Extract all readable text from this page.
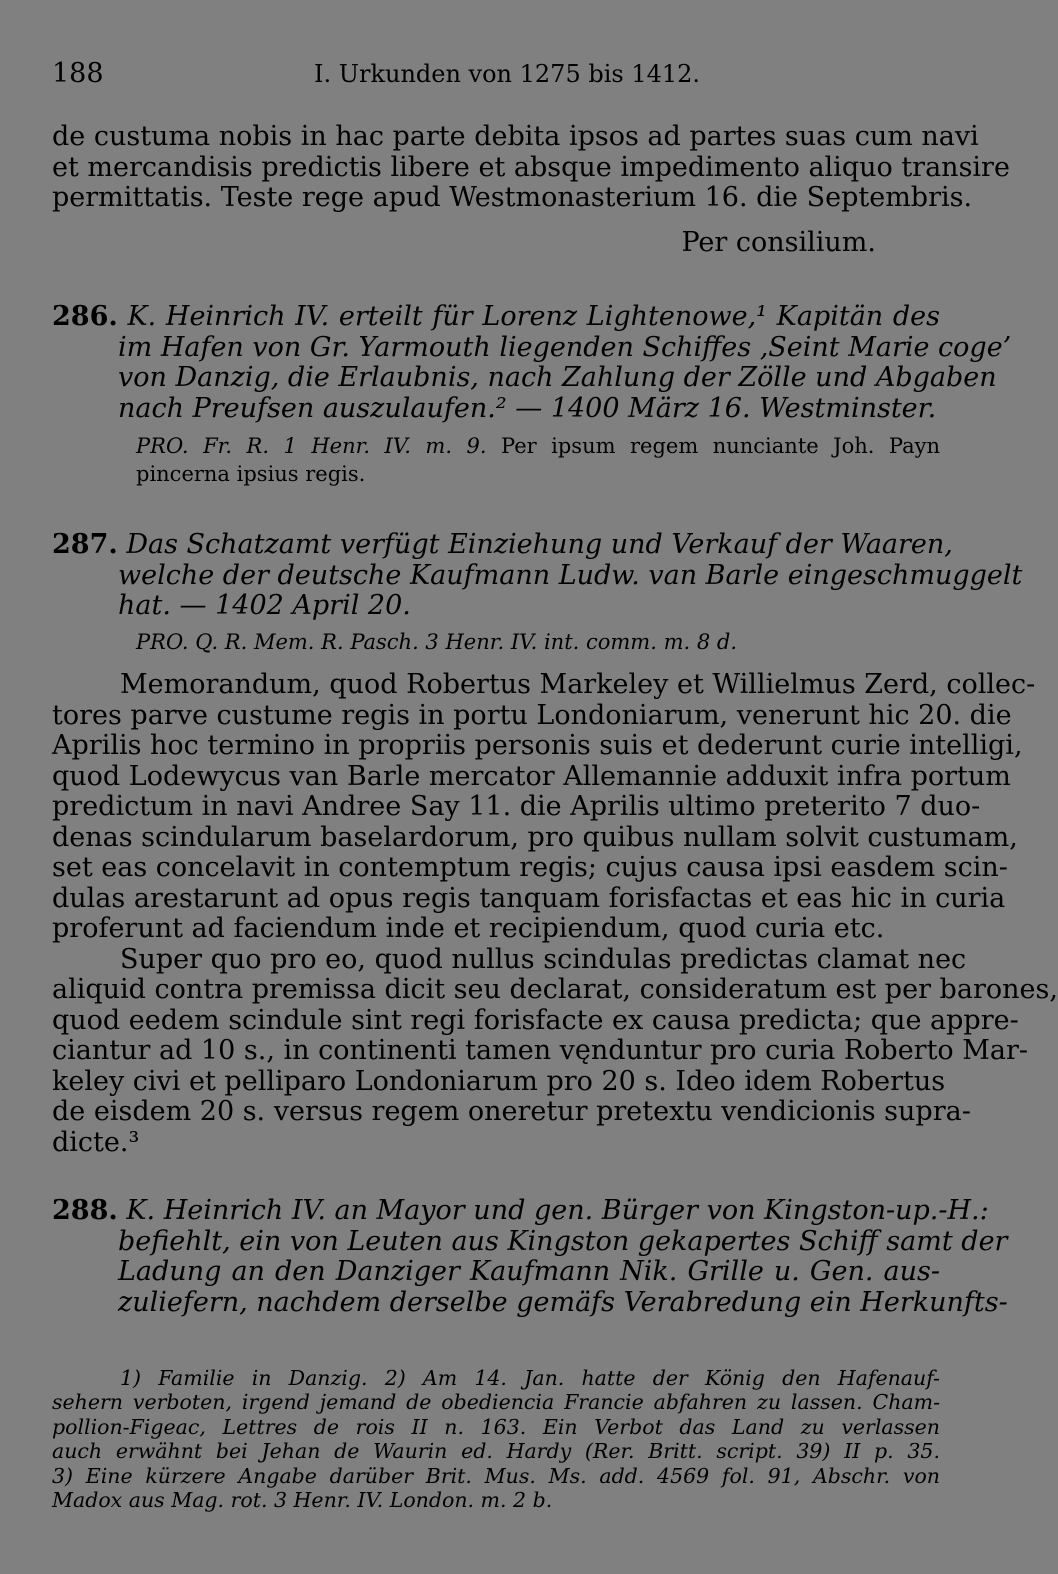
188	I. Urkunden von 1275 bis 1412.
de custuma nobis in hac parte debita ipsos ad partes suas cum navi
et mercandisis predictis libere et absque impedimento aliquo transire
permittatis. Teste rege apud Westmonasterium 16. die Septembris.
Per consilium.
286. K. Heinrich IV. erteilt für Lorenz Lightenowe,¹ Kapitän des
im Hafen von Gr. Yarmouth liegenden Schiffes ‚Seint Marie coge’
von Danzig, die Erlaubnis, nach Zahlung der Zölle und Abgaben
nach Preufsen auszulaufen.² — 1400 März 16. Westminster.
PRO. Fr. R. 1 Henr. IV. m. 9. Per ipsum regem nunciante Joh. Payn
pincerna ipsius regis.
287. Das Schatzamt verfügt Einziehung und Verkauf der Waaren,
welche der deutsche Kaufmann Ludw. van Barle eingeschmuggelt
hat. — 1402 April 20.
PRO. Q. R. Mem. R. Pasch. 3 Henr. IV. int. comm. m. 8 d.
Memorandum, quod Robertus Markeley et Willielmus Zerd, collec-
tores parve custume regis in portu Londoniarum, venerunt hic 20. die
Aprilis hoc termino in propriis personis suis et dederunt curie intelligi,
quod Lodewycus van Barle mercator Allemannie adduxit infra portum
predictum in navi Andree Say 11. die Aprilis ultimo preterito 7 duo-
denas scindularum baselardorum, pro quibus nullam solvit custumam,
set eas concelavit in contemptum regis; cujus causa ipsi easdem scin-
dulas arestarunt ad opus regis tanquam forisfactas et eas hic in curia
proferunt ad faciendum inde et recipiendum, quod curia etc.
Super quo pro eo, quod nullus scindulas predictas clamat nec
aliquid contra premissa dicit seu declarat, consideratum est per barones,
quod eedem scindule sint regi forisfacte ex causa predicta; que appre-
ciantur ad 10 s., in continenti tamen vęnduntur pro curia Roberto Mar-
keley civi et pelliparo Londoniarum pro 20 s. Ideo idem Robertus
de eisdem 20 s. versus regem oneretur pretextu vendicionis supra-
dicte.³
288. K. Heinrich IV. an Mayor und gen. Bürger von Kingston-up.-H.:
befiehlt, ein von Leuten aus Kingston gekapertes Schiff samt der
Ladung an den Danziger Kaufmann Nik. Grille u. Gen. aus-
zuliefern, nachdem derselbe gemäfs Verabredung ein Herkunfts-
1) Familie in Danzig. 2) Am 14. Jan. hatte der König den Hafenauf-
sehern verboten, irgend jemand de obediencia Francie abfahren zu lassen. Cham-
pollion-Figeac, Lettres de rois II n. 163. Ein Verbot das Land zu verlassen
auch erwähnt bei Jehan de Waurin ed. Hardy (Rer. Britt. script. 39) II p. 35.
3) Eine kürzere Angabe darüber Brit. Mus. Ms. add. 4569 fol. 91, Abschr. von
Madox aus Mag. rot. 3 Henr. IV. London. m. 2 b.
